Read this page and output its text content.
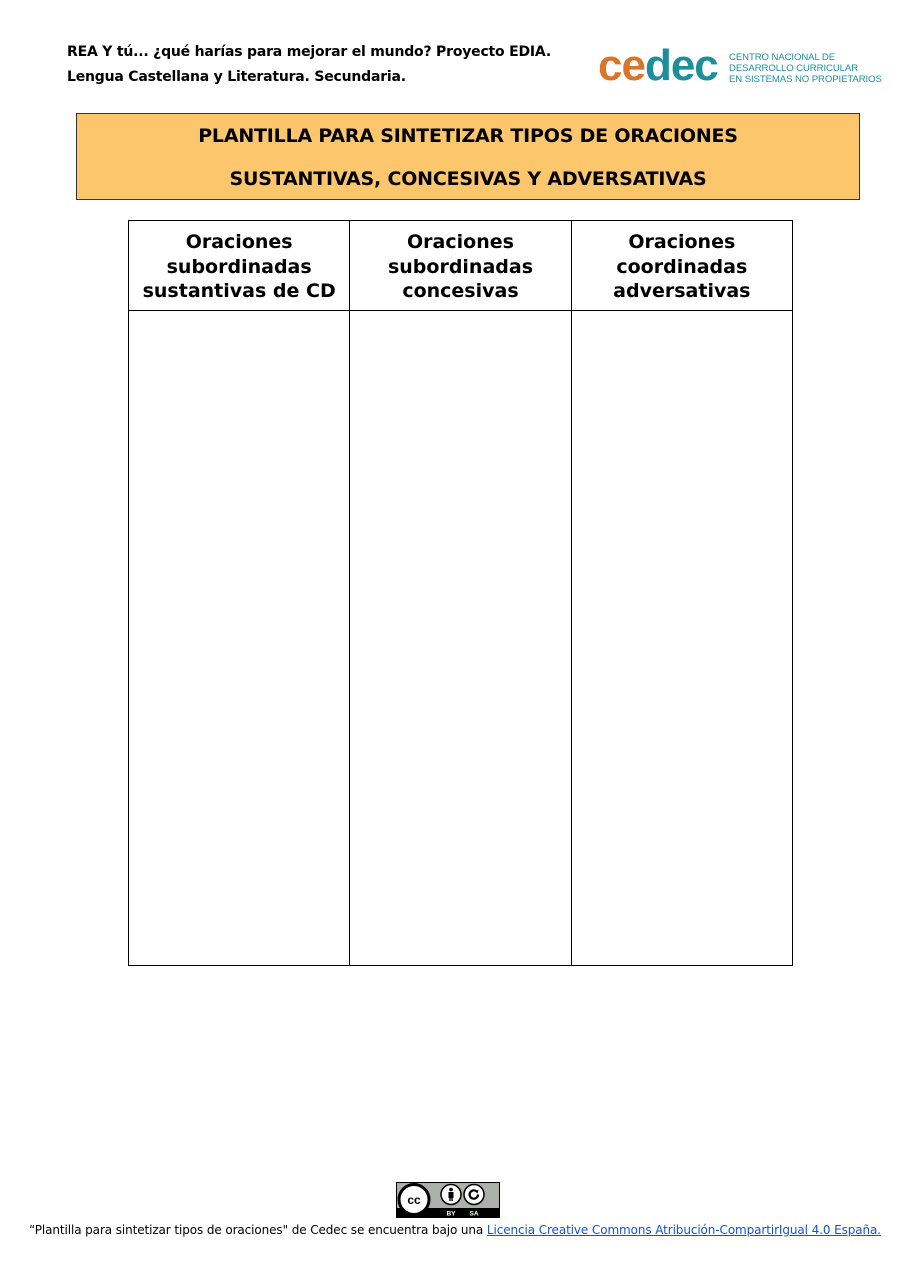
REA Y tú... ¿qué harías para mejorar el mundo? Proyecto EDIA.
Lengua Castellana y Literatura. Secundaria.	cedec CENTRO NACIONAL DE
DESARROLLO CURRICULAR
EN SISTEMAS NO PROPIETARIOS
PLANTILLA PARA SINTETIZAR TIPOS DE ORACIONES
SUSTANTIVAS, CONCESIVAS Y ADVERSATIVAS
Oraciones
subordinadas
sustantivas de CD	Oraciones
subordinadas
concesivas	Oraciones
coordinadas
adversativas

cc
BY SA
“Plantilla para sintetizar tipos de oraciones" de Cedec se encuentra bajo una Licencia Creative Commons Atribución-CompartirIgual 4.0 España.
